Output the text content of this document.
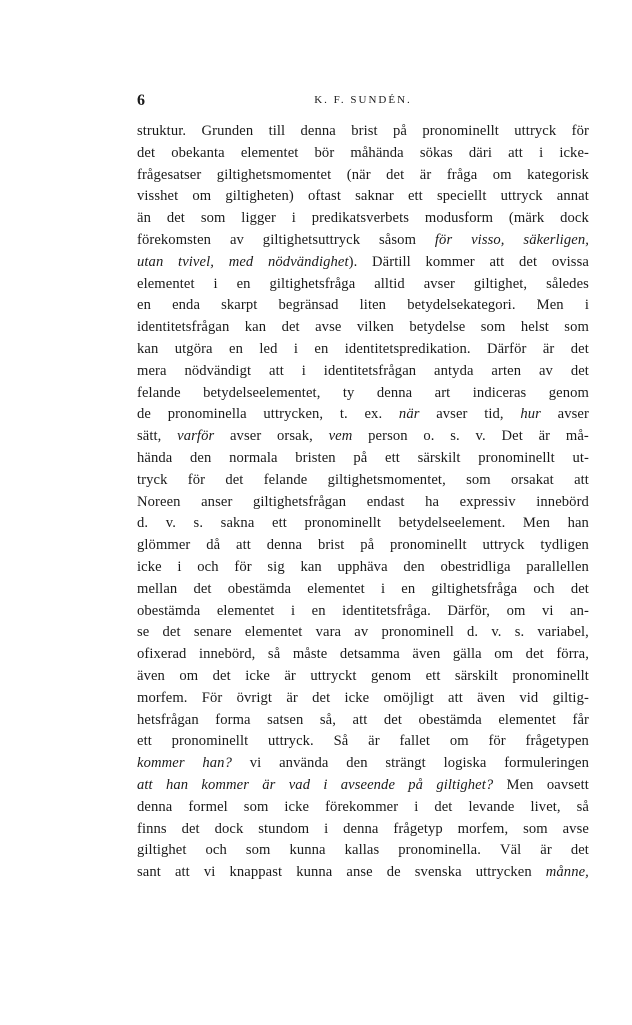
6	K. F. SUNDÉN.
struktur. Grunden till denna brist på pronominellt uttryck för
det obekanta elementet bör måhända sökas däri att i icke-
frågesatser giltighetsmomentet (när det är fråga om kategorisk
visshet om giltigheten) oftast saknar ett speciellt uttryck annat
än det som ligger i predikatsverbets modusform (märk dock
förekomsten av giltighetsuttryck såsom för visso, säkerligen,
utan tvivel, med nödvändighet). Därtill kommer att det ovissa
elementet i en giltighetsfråga alltid avser giltighet, således
en enda skarpt begränsad liten betydelsekategori. Men i
identitetsfrågan kan det avse vilken betydelse som helst som
kan utgöra en led i en identitetspredikation. Därför är det
mera nödvändigt att i identitetsfrågan antyda arten av det
felande betydelseelementet, ty denna art indiceras genom
de pronominella uttrycken, t. ex. när avser tid, hur avser
sätt, varför avser orsak, vem person o. s. v. Det är må-
hända den normala bristen på ett särskilt pronominellt ut-
tryck för det felande giltighetsmomentet, som orsakat att
Noreen anser giltighetsfrågan endast ha expressiv innebörd
d. v. s. sakna ett pronominellt betydelseelement. Men han
glömmer då att denna brist på pronominellt uttryck tydligen
icke i och för sig kan upphäva den obestridliga parallellen
mellan det obestämda elementet i en giltighetsfråga och det
obestämda elementet i en identitetsfråga. Därför, om vi an-
se det senare elementet vara av pronominell d. v. s. variabel,
ofixerad innebörd, så måste detsamma även gälla om det förra,
även om det icke är uttryckt genom ett särskilt pronominellt
morfem. För övrigt är det icke omöjligt att även vid giltig-
hetsfrågan forma satsen så, att det obestämda elementet får
ett pronominellt uttryck. Så är fallet om för frågetypen
kommer han? vi använda den strängt logiska formuleringen
att han kommer är vad i avseende på giltighet? Men oavsett
denna formel som icke förekommer i det levande livet, så
finns det dock stundom i denna frågetyp morfem, som avse
giltighet och som kunna kallas pronominella. Väl är det
sant att vi knappast kunna anse de svenska uttrycken månne,
